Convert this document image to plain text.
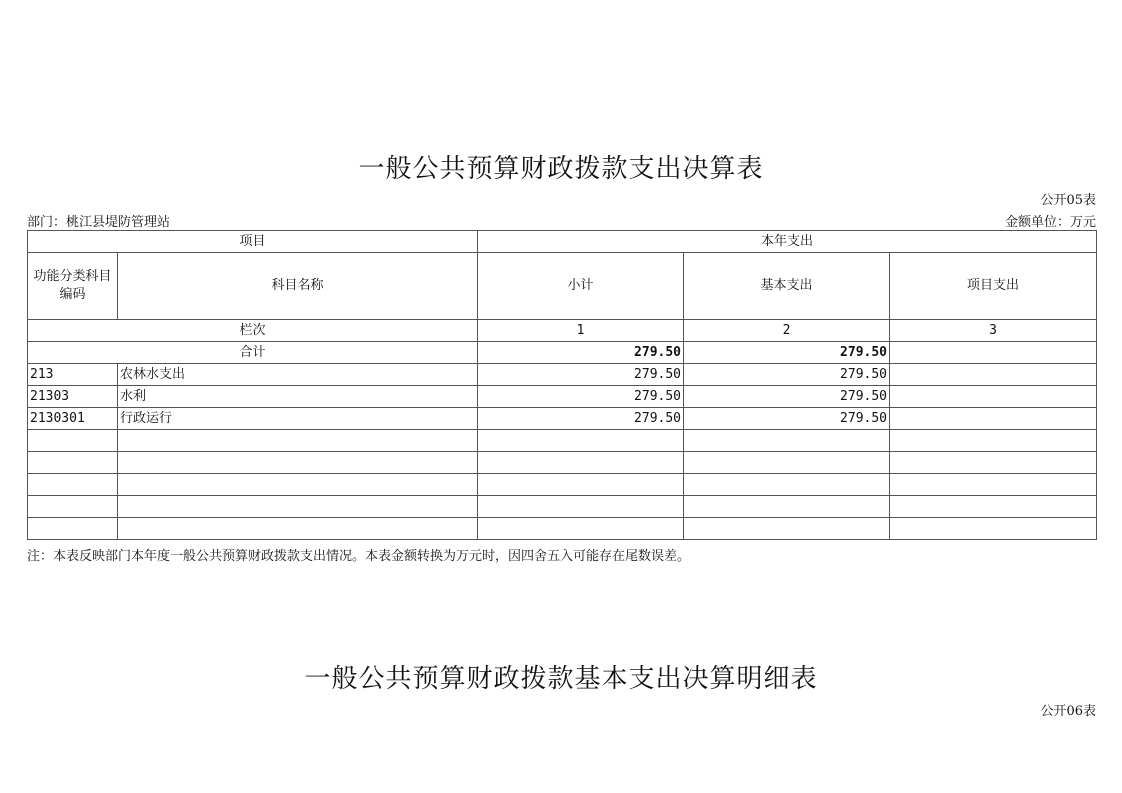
一般公共预算财政拨款支出决算表
公开05表
部门：桃江县堤防管理站	金额单位：万元
项目		本年支出		
功能分类科目编码	科目名称	小计	基本支出	项目支出
栏次		1	2	3
合计		279.50	279.50	
213	农林水支出	279.50	279.50	
21303	水利	279.50	279.50	
2130301	行政运行	279.50	279.50	

注：本表反映部门本年度一般公共预算财政拨款支出情况。本表金额转换为万元时，因四舍五入可能存在尾数误差。
一般公共预算财政拨款基本支出决算明细表
公开06表
